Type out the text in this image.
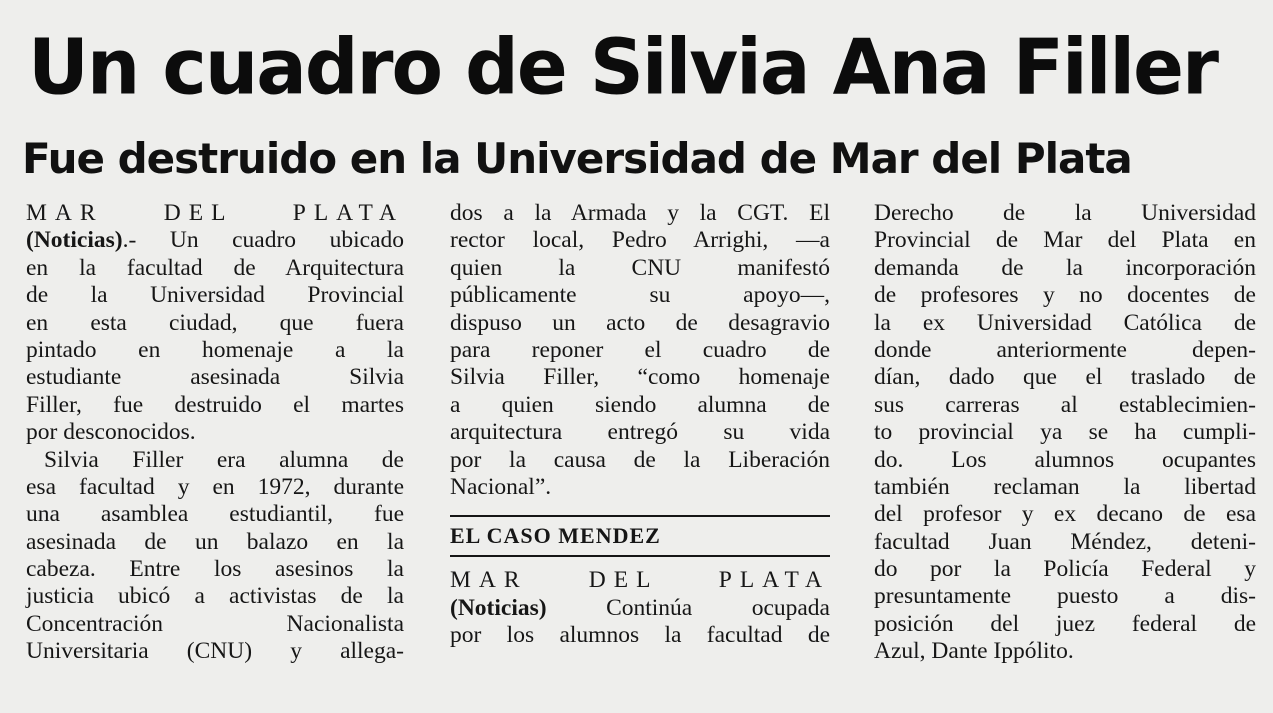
Un cuadro de Silvia Ana Filler
Fue destruido en la Universidad de Mar del Plata
MAR DEL PLATA
(Noticias).- Un cuadro ubicado
en la facultad de Arquitectura
de la Universidad Provincial
en esta ciudad, que fuera
pintado en homenaje a la
estudiante asesinada Silvia
Filler, fue destruido el martes
por desconocidos.
Silvia Filler era alumna de
esa facultad y en 1972, durante
una asamblea estudiantil, fue
asesinada de un balazo en la
cabeza. Entre los asesinos la
justicia ubicó a activistas de la
Concentración Nacionalista
Universitaria (CNU) y allega-
dos a la Armada y la CGT. El
rector local, Pedro Arrighi, —a
quien la CNU manifestó
públicamente su apoyo—,
dispuso un acto de desagravio
para reponer el cuadro de
Silvia Filler, “como homenaje
a quien siendo alumna de
arquitectura entregó su vida
por la causa de la Liberación
Nacional”.
EL CASO MENDEZ
MAR DEL PLATA
(Noticias) Continúa ocupada
por los alumnos la facultad de
Derecho de la Universidad
Provincial de Mar del Plata en
demanda de la incorporación
de profesores y no docentes de
la ex Universidad Católica de
donde anteriormente depen-
dían, dado que el traslado de
sus carreras al establecimien-
to provincial ya se ha cumpli-
do. Los alumnos ocupantes
también reclaman la libertad
del profesor y ex decano de esa
facultad Juan Méndez, deteni-
do por la Policía Federal y
presuntamente puesto a dis-
posición del juez federal de
Azul, Dante Ippólito.
